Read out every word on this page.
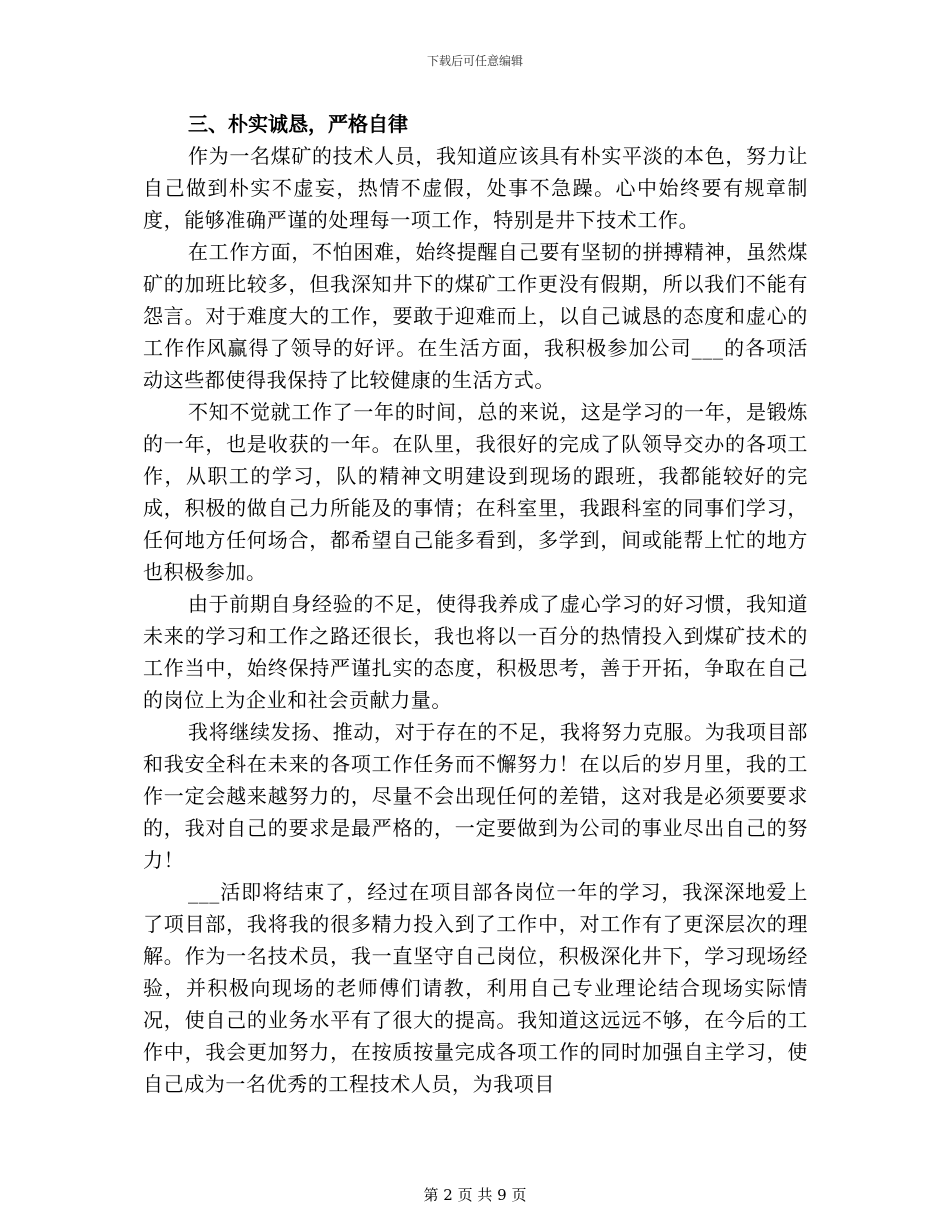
下载后可任意编辑

三、朴实诚恳，严格自律

作为一名煤矿的技术人员，我知道应该具有朴实平淡的本色，努力让自己做到朴实不虚妄，热情不虚假，处事不急躁。心中始终要有规章制度，能够准确严谨的处理每一项工作，特别是井下技术工作。

在工作方面，不怕困难，始终提醒自己要有坚韧的拼搏精神，虽然煤矿的加班比较多，但我深知井下的煤矿工作更没有假期，所以我们不能有怨言。对于难度大的工作，要敢于迎难而上，以自己诚恳的态度和虚心的工作作风赢得了领导的好评。在生活方面，我积极参加公司___的各项活动这些都使得我保持了比较健康的生活方式。

不知不觉就工作了一年的时间，总的来说，这是学习的一年，是锻炼的一年，也是收获的一年。在队里，我很好的完成了队领导交办的各项工作，从职工的学习，队的精神文明建设到现场的跟班，我都能较好的完成，积极的做自己力所能及的事情；在科室里，我跟科室的同事们学习，任何地方任何场合，都希望自己能多看到，多学到，间或能帮上忙的地方也积极参加。

由于前期自身经验的不足，使得我养成了虚心学习的好习惯，我知道未来的学习和工作之路还很长，我也将以一百分的热情投入到煤矿技术的工作当中，始终保持严谨扎实的态度，积极思考，善于开拓，争取在自己的岗位上为企业和社会贡献力量。

我将继续发扬、推动，对于存在的不足，我将努力克服。为我项目部和我安全科在未来的各项工作任务而不懈努力！在以后的岁月里，我的工作一定会越来越努力的，尽量不会出现任何的差错，这对我是必须要要求的，我对自己的要求是最严格的，一定要做到为公司的事业尽出自己的努力！

___活即将结束了，经过在项目部各岗位一年的学习，我深深地爱上了项目部，我将我的很多精力投入到了工作中，对工作有了更深层次的理解。作为一名技术员，我一直坚守自己岗位，积极深化井下，学习现场经验，并积极向现场的老师傅们请教，利用自己专业理论结合现场实际情况，使自己的业务水平有了很大的提高。我知道这远远不够，在今后的工作中，我会更加努力，在按质按量完成各项工作的同时加强自主学习，使自己成为一名优秀的工程技术人员，为我项目

第 2 页 共 9 页
